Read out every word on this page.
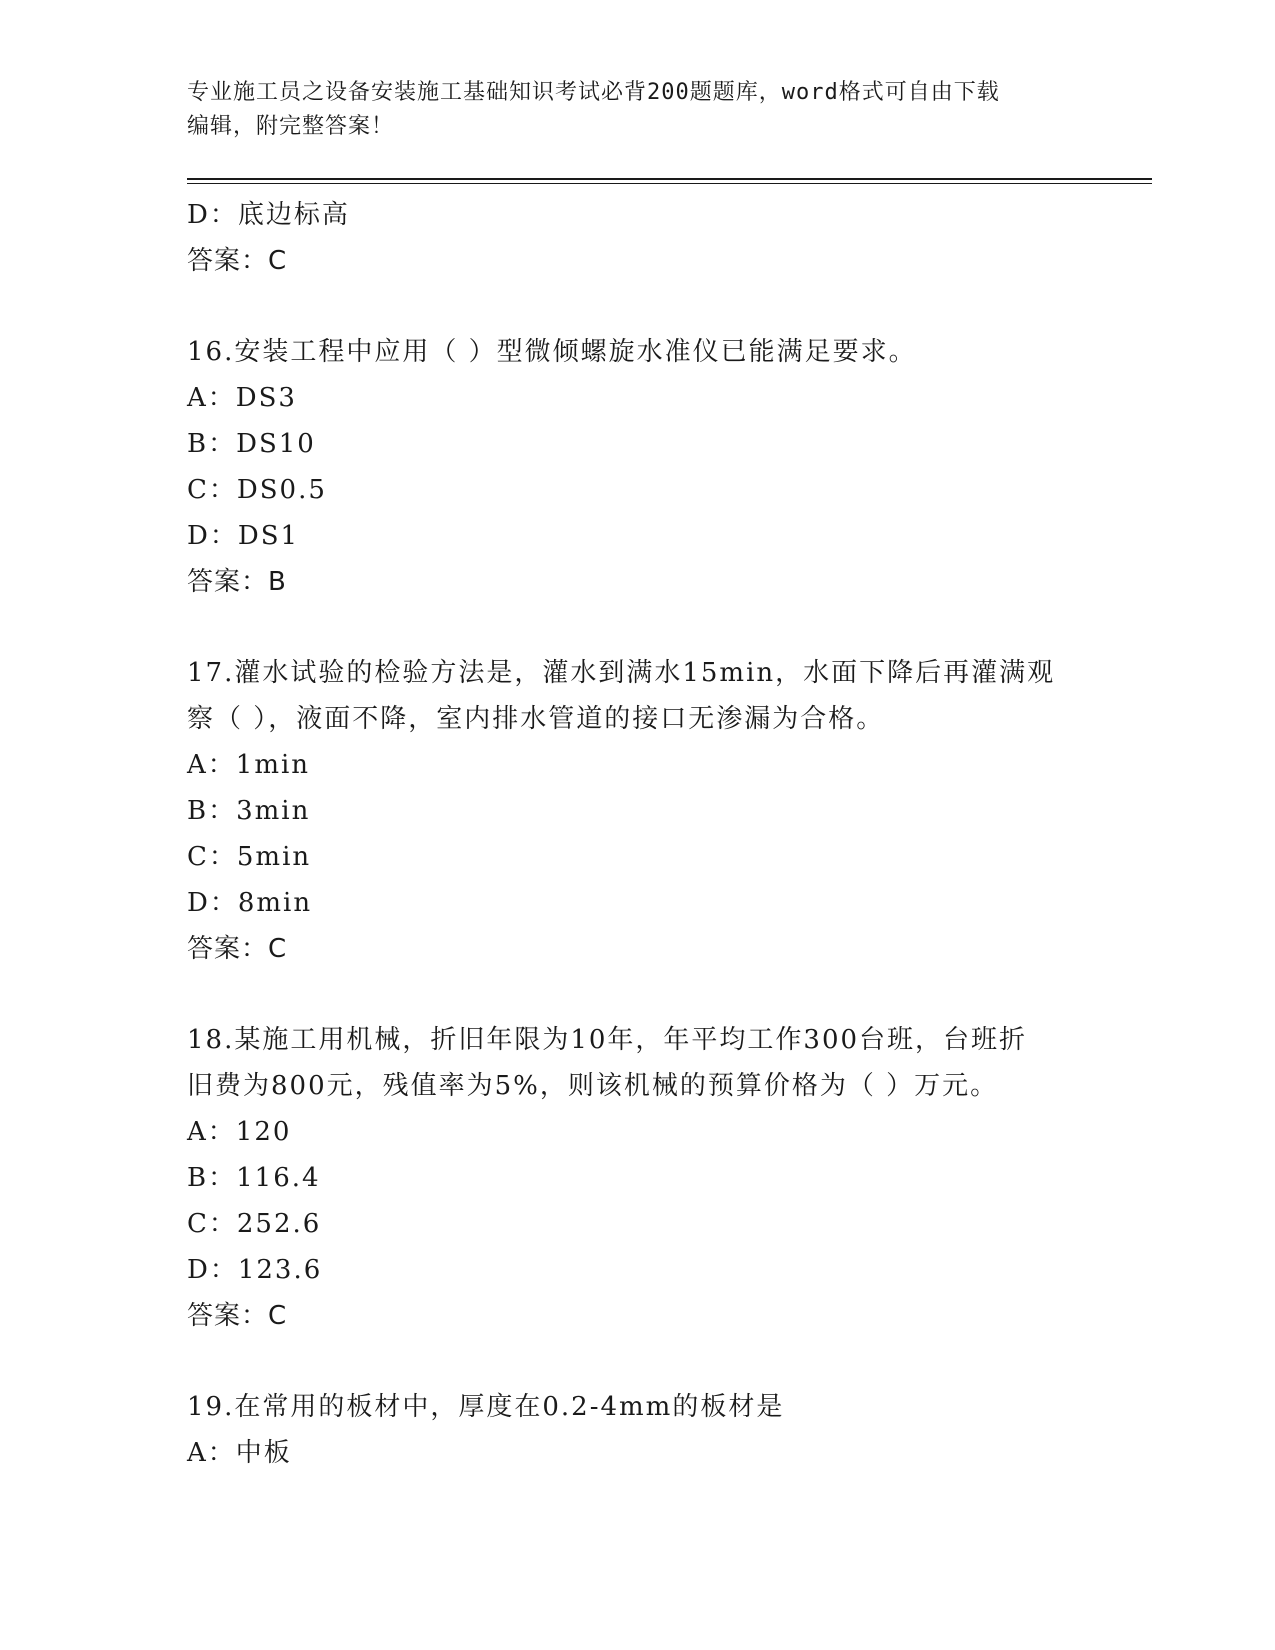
专业施工员之设备安装施工基础知识考试必背200题题库，word格式可自由下载
编辑，附完整答案！
D：底边标高
答案：C
16.安装工程中应用（ ）型微倾螺旋水准仪已能满足要求。
A：DS3
B：DS10
C：DS0.5
D：DS1
答案：B
17.灌水试验的检验方法是，灌水到满水15min，水面下降后再灌满观
察（ ），液面不降，室内排水管道的接口无渗漏为合格。
A：1min
B：3min
C：5min
D：8min
答案：C
18.某施工用机械，折旧年限为10年，年平均工作300台班，台班折
旧费为800元，残值率为5%，则该机械的预算价格为（ ）万元。
A：120
B：116.4
C：252.6
D：123.6
答案：C
19.在常用的板材中，厚度在0.2-4mm的板材是
A：中板
